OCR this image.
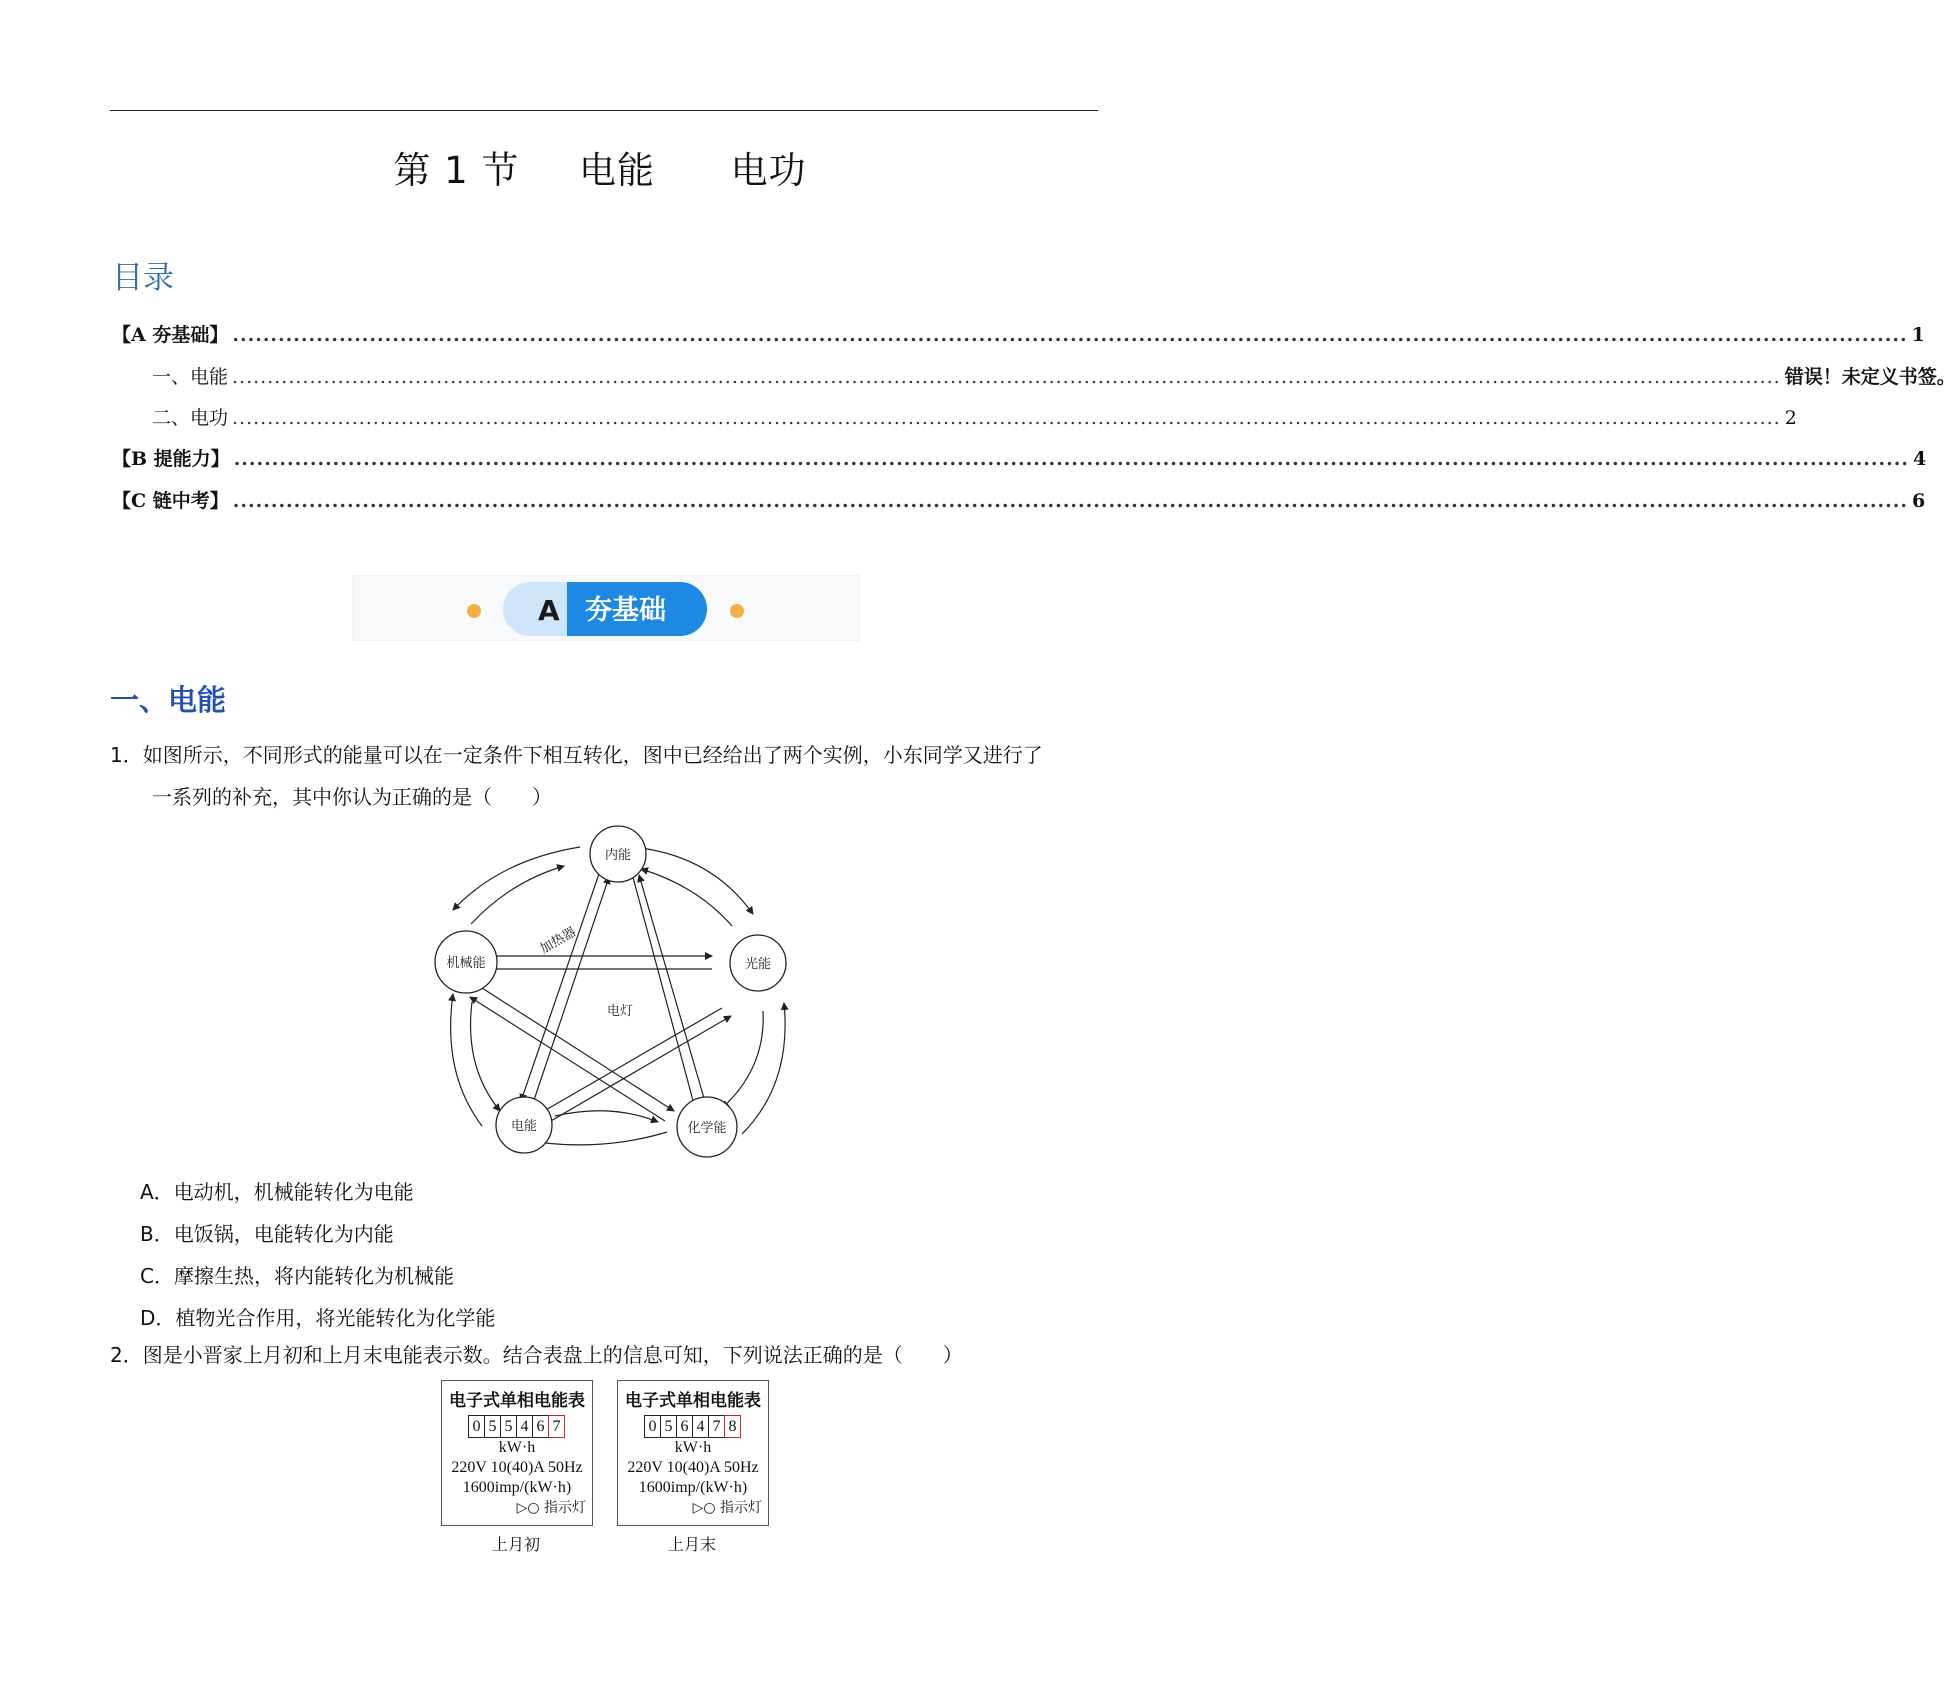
第 1 节 电能 电功
目录
【A 夯基础】 ............................................................................................................................................................................................................................ 1
一、电能 ............................................................................................................................................................................................................................ 错误！未定义书签。
二、电功 ............................................................................................................................................................................................................................ 2
【B 提能力】 ............................................................................................................................................................................................................................ 4
【C 链中考】 ............................................................................................................................................................................................................................ 6
A 夯基础
一、电能
1．如图所示，不同形式的能量可以在一定条件下相互转化，图中已经给出了两个实例，小东同学又进行了
一系列的补充，其中你认为正确的是（　　）
内能
光能
化学能
电能
机械能
加热器
电灯
A．电动机，机械能转化为电能
B．电饭锅，电能转化为内能
C．摩擦生热，将内能转化为机械能
D．植物光合作用，将光能转化为化学能
2．图是小晋家上月初和上月末电能表示数。结合表盘上的信息可知，下列说法正确的是（　　）
电子式单相电能表
0 5 5 4 6 7
kW·h
220V 10(40)A 50Hz
1600imp/(kW·h)
▷○ 指示灯
上月初
电子式单相电能表
0 5 6 4 7 8
kW·h
220V 10(40)A 50Hz
1600imp/(kW·h)
▷○ 指示灯
上月末
